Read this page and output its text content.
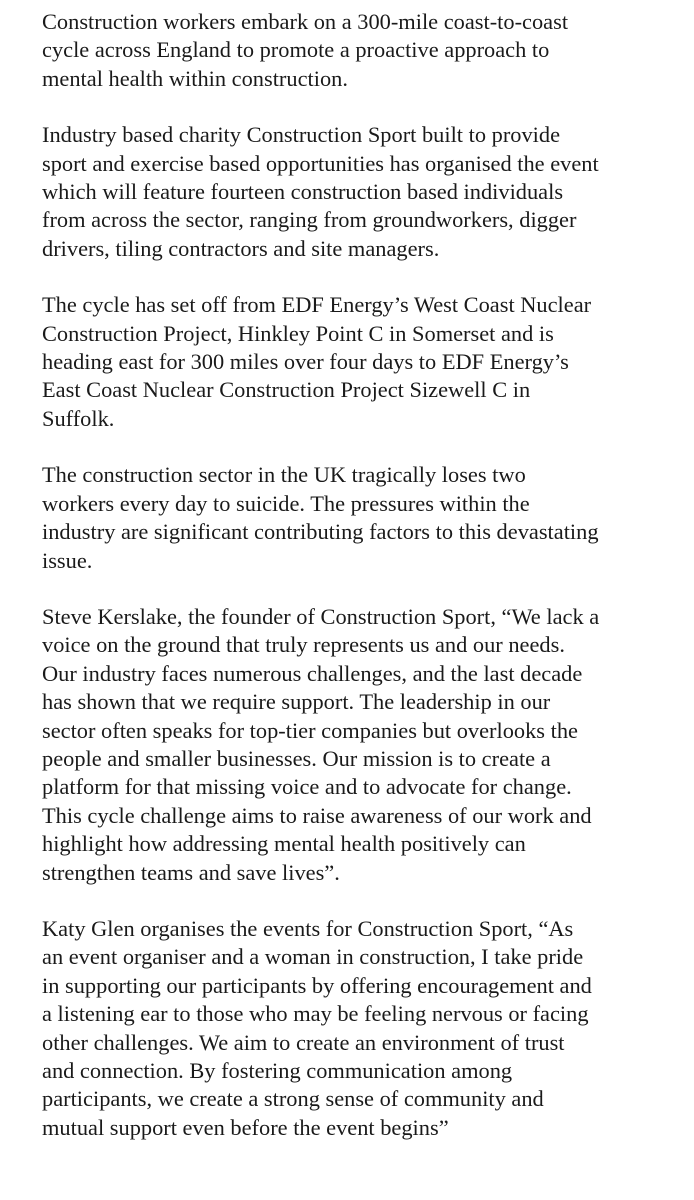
Construction workers embark on a 300-mile coast-to-coast
cycle across England to promote a proactive approach to
mental health within construction.

Industry based charity Construction Sport built to provide
sport and exercise based opportunities has organised the event
which will feature fourteen construction based individuals
from across the sector, ranging from groundworkers, digger
drivers, tiling contractors and site managers.

The cycle has set off from EDF Energy’s West Coast Nuclear
Construction Project, Hinkley Point C in Somerset and is
heading east for 300 miles over four days to EDF Energy’s
East Coast Nuclear Construction Project Sizewell C in
Suffolk.

The construction sector in the UK tragically loses two
workers every day to suicide. The pressures within the
industry are significant contributing factors to this devastating
issue.

Steve Kerslake, the founder of Construction Sport, “We lack a
voice on the ground that truly represents us and our needs.
Our industry faces numerous challenges, and the last decade
has shown that we require support. The leadership in our
sector often speaks for top-tier companies but overlooks the
people and smaller businesses. Our mission is to create a
platform for that missing voice and to advocate for change.
This cycle challenge aims to raise awareness of our work and
highlight how addressing mental health positively can
strengthen teams and save lives”.

Katy Glen organises the events for Construction Sport, “As
an event organiser and a woman in construction, I take pride
in supporting our participants by offering encouragement and
a listening ear to those who may be feeling nervous or facing
other challenges. We aim to create an environment of trust
and connection. By fostering communication among
participants, we create a strong sense of community and
mutual support even before the event begins”
